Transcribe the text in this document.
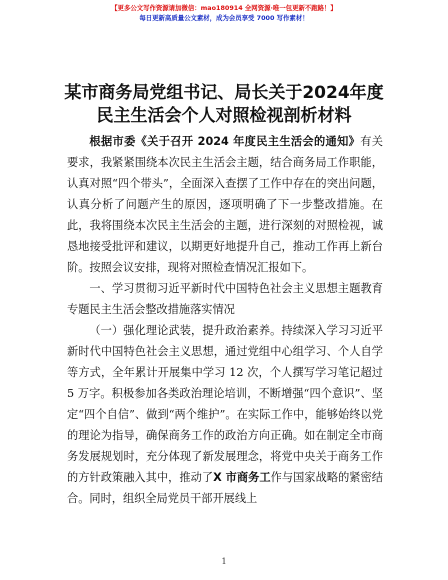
【更多公文写作资源请加微信：mao180914 全网资源·唯一包更新不跑路！】
每日更新高质量公文素材，成为会员享受 7000 写作素材！
某市商务局党组书记、局长关于2024年度民主生活会个人对照检视剖析材料

根据市委《关于召开 2024 年度民主生活会的通知》有关要求，我紧紧围绕本次民主生活会主题，结合商务局工作职能，认真对照“四个带头”，全面深入查摆了工作中存在的突出问题，认真分析了问题产生的原因，逐项明确了下一步整改措施。在此，我将围绕本次民主生活会的主题，进行深刻的对照检视，诚恳地接受批评和建议，以期更好地提升自己，推动工作再上新台阶。按照会议安排，现将对照检查情况汇报如下。

一、学习贯彻习近平新时代中国特色社会主义思想主题教育专题民主生活会整改措施落实情况

（一）强化理论武装，提升政治素养。持续深入学习习近平新时代中国特色社会主义思想，通过党组中心组学习、个人自学等方式，全年累计开展集中学习 12 次，个人撰写学习笔记超过 5 万字。积极参加各类政治理论培训，不断增强“四个意识”、坚定“四个自信”、做到“两个维护”。在实际工作中，能够始终以党的理论为指导，确保商务工作的政治方向正确。如在制定全市商务发展规划时，充分体现了新发展理念，将党中央关于商务工作的方针政策融入其中，推动了X 市商务工作与国家战略的紧密结合。同时，组织全局党员干部开展线上

1
